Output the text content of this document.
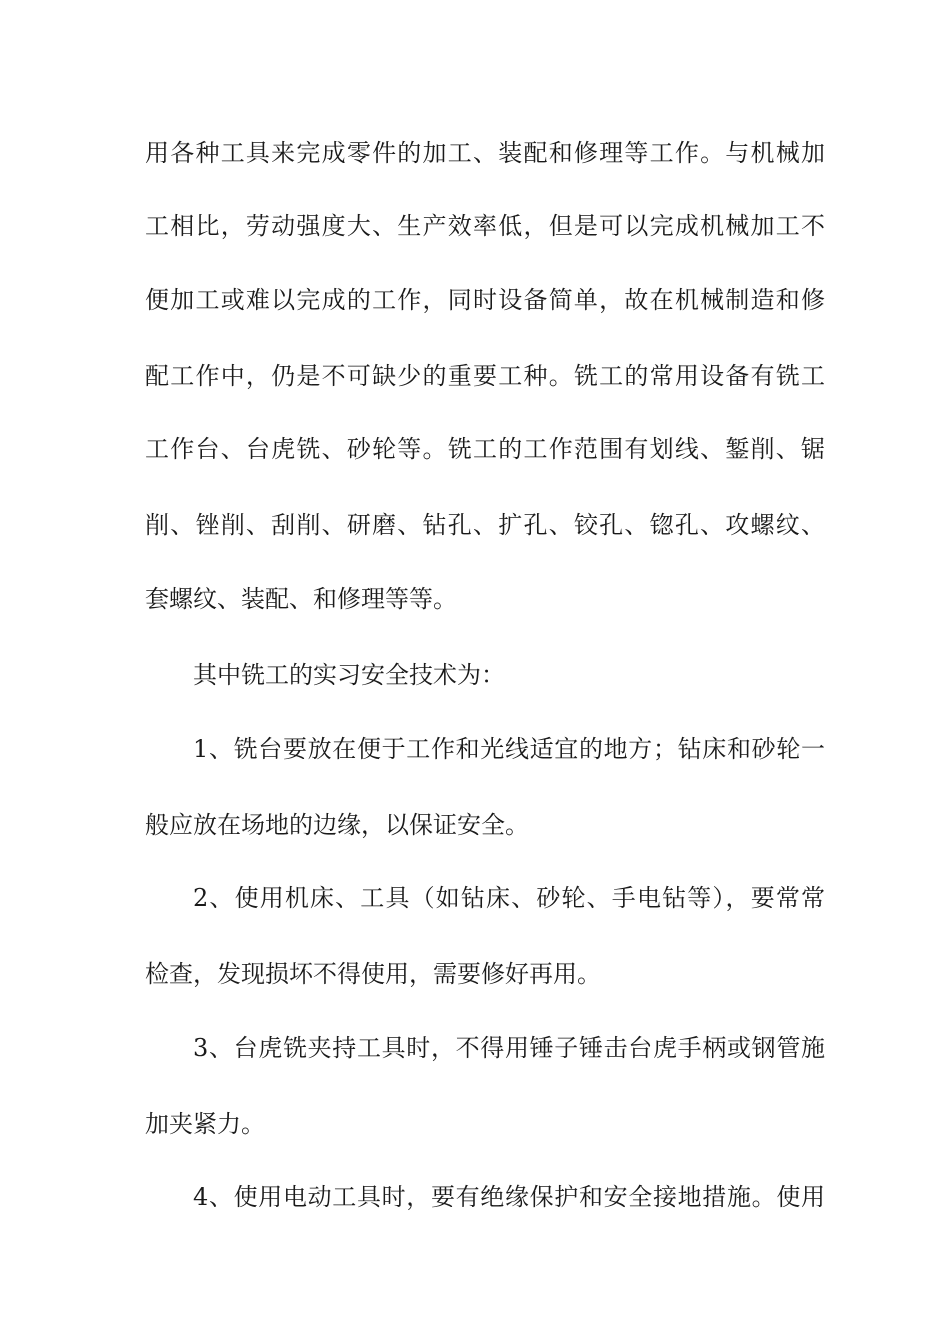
用各种工具来完成零件的加工、装配和修理等工作。与机械加
工相比，劳动强度大、生产效率低，但是可以完成机械加工不
便加工或难以完成的工作，同时设备简单，故在机械制造和修
配工作中，仍是不可缺少的重要工种。铣工的常用设备有铣工
工作台、台虎铣、砂轮等。铣工的工作范围有划线、錾削、锯
削、锉削、刮削、研磨、钻孔、扩孔、铰孔、锪孔、攻螺纹、
套螺纹、装配、和修理等等。
其中铣工的实习安全技术为：
1、铣台要放在便于工作和光线适宜的地方；钻床和砂轮一
般应放在场地的边缘，以保证安全。
2、使用机床、工具（如钻床、砂轮、手电钻等），要常常
检查，发现损坏不得使用，需要修好再用。
3、台虎铣夹持工具时，不得用锤子锤击台虎手柄或钢管施
加夹紧力。
4、使用电动工具时，要有绝缘保护和安全接地措施。使用
